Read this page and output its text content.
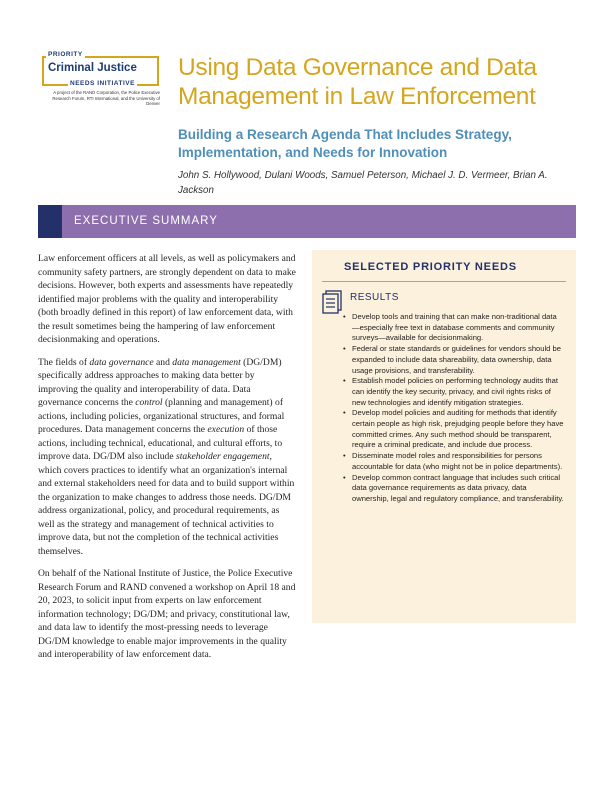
PRIORITY
Criminal Justice
NEEDS INITIATIVE
A project of the RAND Corporation, the Police Executive Research Forum, RTI International, and the University of Denver
Using Data Governance and Data Management in Law Enforcement
Building a Research Agenda That Includes Strategy, Implementation, and Needs for Innovation
John S. Hollywood, Dulani Woods, Samuel Peterson, Michael J. D. Vermeer, Brian A. Jackson
EXECUTIVE SUMMARY

Law enforcement officers at all levels, as well as policymakers and community safety partners, are strongly dependent on data to make decisions. However, both experts and assessments have repeatedly identified major problems with the quality and interoperability (both broadly defined in this report) of law enforcement data, with the result sometimes being the hampering of law enforcement decisionmaking and operations.

The fields of data governance and data management (DG/DM) specifically address approaches to making data better by improving the quality and interoperability of data. Data governance concerns the control (planning and management) of actions, including policies, organizational structures, and formal procedures. Data management concerns the execution of those actions, including technical, educational, and cultural efforts, to improve data. DG/DM also include stakeholder engagement, which covers practices to identify what an organization's internal and external stakeholders need for data and to build support within the organization to make changes to address those needs. DG/DM address organizational, policy, and procedural requirements, as well as the strategy and management of technical activities to improve data, but not the completion of the technical activities themselves.

On behalf of the National Institute of Justice, the Police Executive Research Forum and RAND convened a workshop on April 18 and 20, 2023, to solicit input from experts on law enforcement information technology; DG/DM; and privacy, constitutional law, and data law to identify the most-pressing needs to leverage DG/DM knowledge to enable major improvements in the quality and interoperability of law enforcement data.

SELECTED PRIORITY NEEDS
RESULTS
• Develop tools and training that can make non-traditional data—especially free text in database comments and community surveys—available for decisionmaking.
• Federal or state standards or guidelines for vendors should be expanded to include data shareability, data ownership, data usage provisions, and transferability.
• Establish model policies on performing technology audits that can identify the key security, privacy, and civil rights risks of new technologies and identify mitigation strategies.
• Develop model policies and auditing for methods that identify certain people as high risk, prejudging people before they have committed crimes. Any such method should be transparent, require a criminal predicate, and include due process.
• Disseminate model roles and responsibilities for persons accountable for data (who might not be in police departments).
• Develop common contract language that includes such critical data governance requirements as data privacy, data ownership, legal and regulatory compliance, and transferability.
